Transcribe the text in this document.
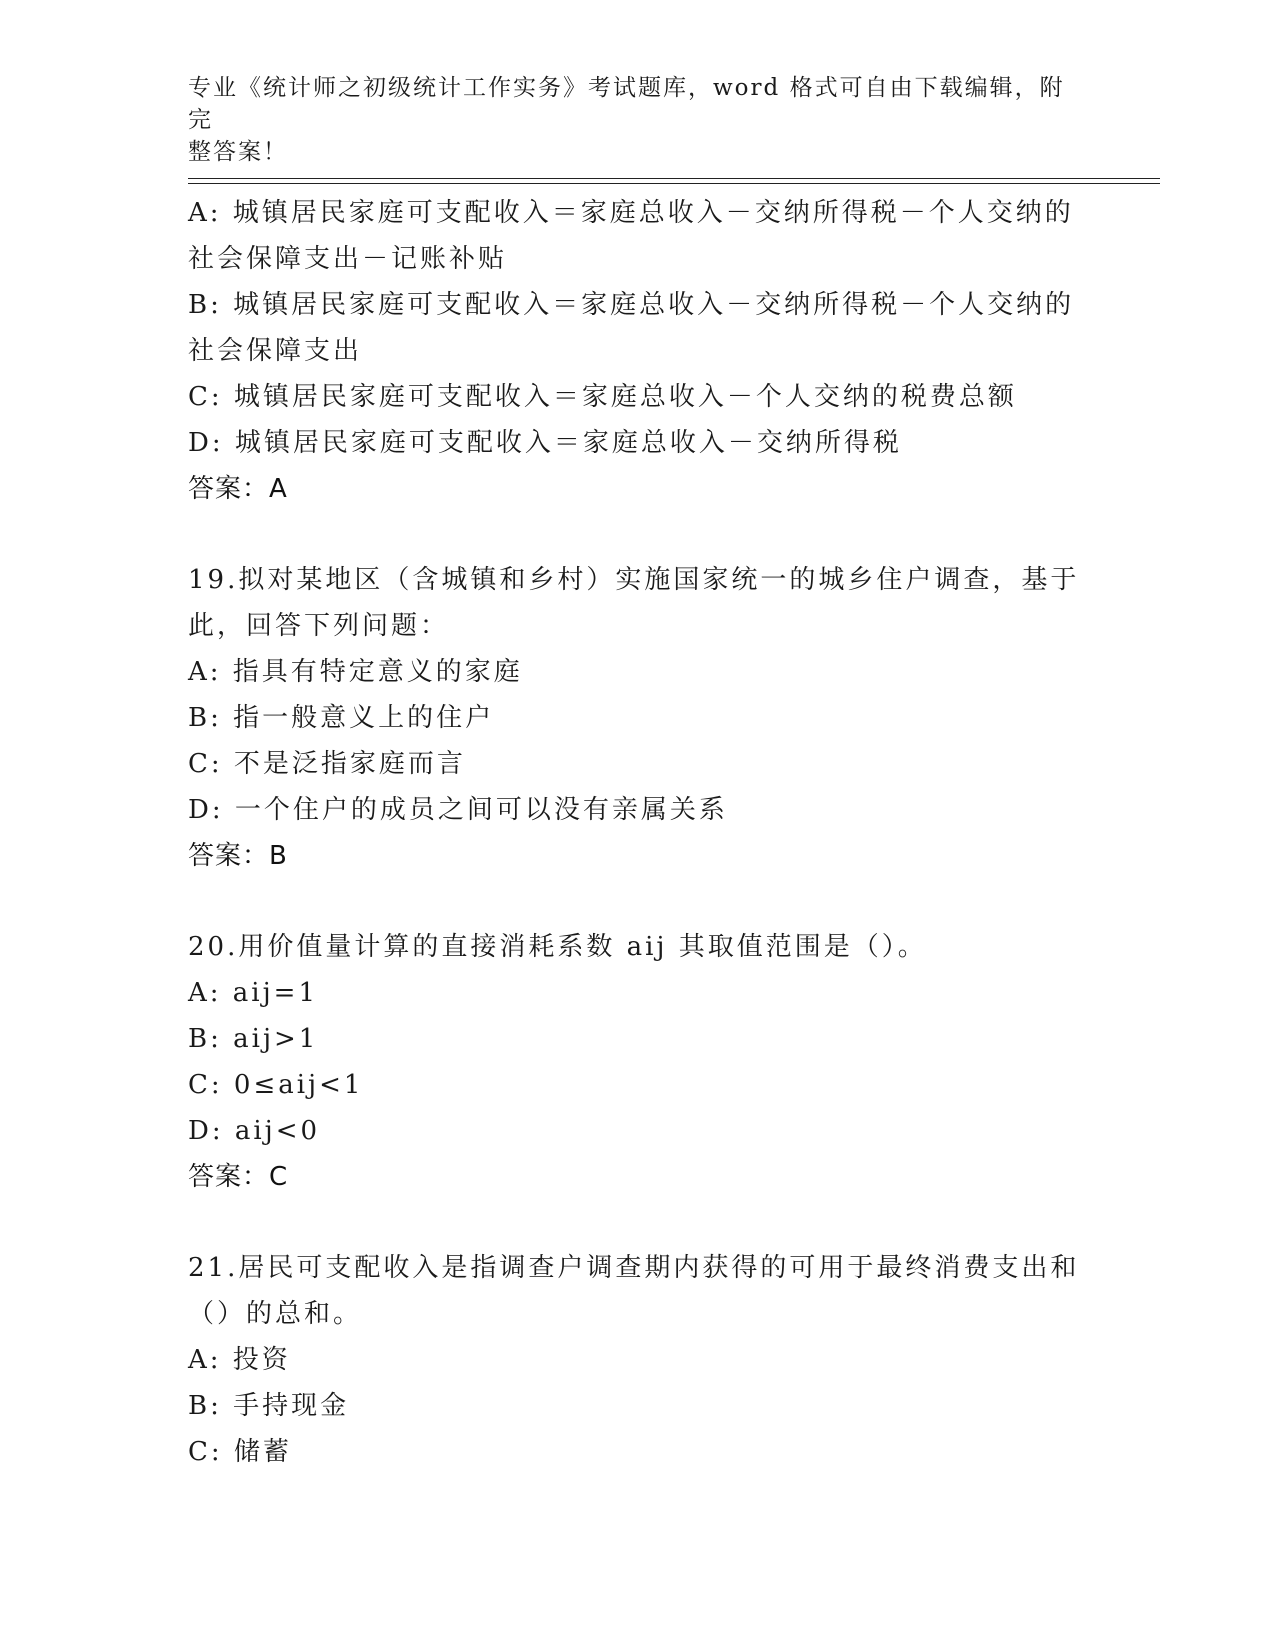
专业《统计师之初级统计工作实务》考试题库，word 格式可自由下载编辑，附完
整答案！
A: 城镇居民家庭可支配收入＝家庭总收入－交纳所得税－个人交纳的
社会保障支出－记账补贴
B: 城镇居民家庭可支配收入＝家庭总收入－交纳所得税－个人交纳的
社会保障支出
C: 城镇居民家庭可支配收入＝家庭总收入－个人交纳的税费总额
D: 城镇居民家庭可支配收入＝家庭总收入－交纳所得税
答案：A
19.拟对某地区（含城镇和乡村）实施国家统一的城乡住户调查，基于
此，回答下列问题：
A: 指具有特定意义的家庭
B: 指一般意义上的住户
C: 不是泛指家庭而言
D: 一个住户的成员之间可以没有亲属关系
答案：B
20.用价值量计算的直接消耗系数 aij 其取值范围是（）。
A: aij=1
B: aij>1
C: 0≤aij<1
D: aij<0
答案：C
21.居民可支配收入是指调查户调查期内获得的可用于最终消费支出和
（）的总和。
A: 投资
B: 手持现金
C: 储蓄
